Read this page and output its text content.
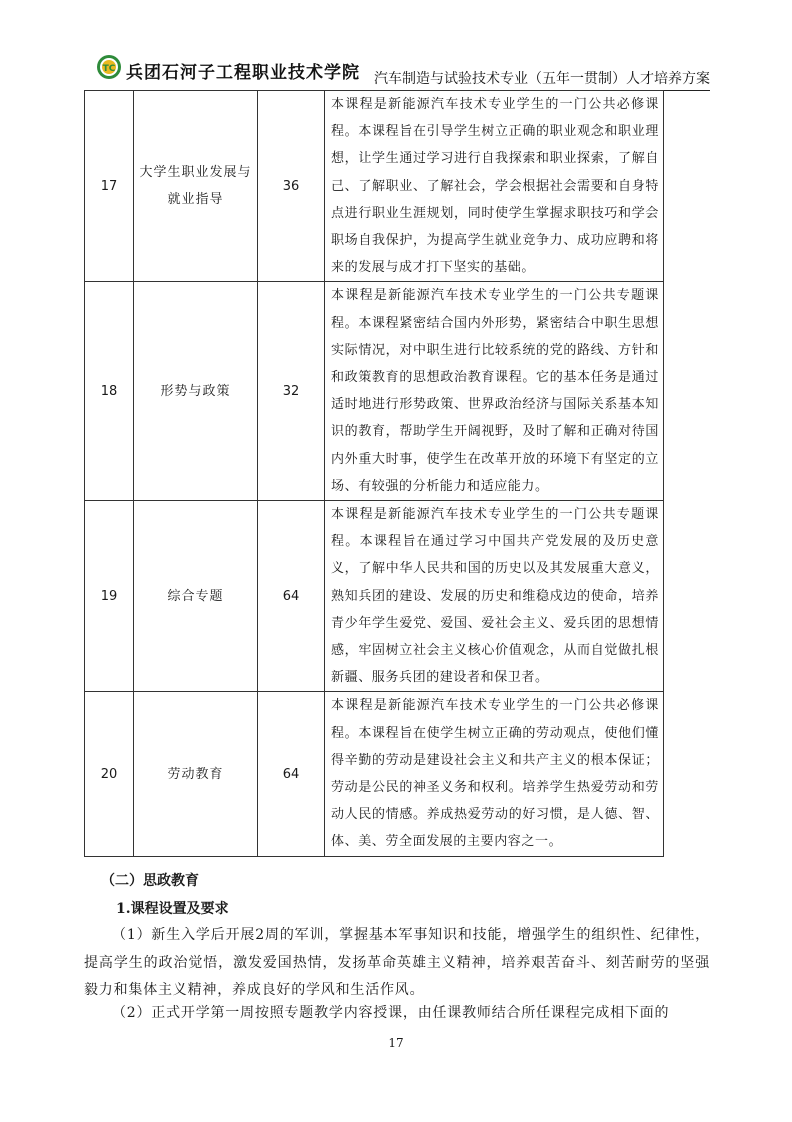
TC 兵团石河子工程职业技术学院 汽车制造与试验技术专业（五年一贯制）人才培养方案
17	大学生职业发展与就业指导	36	本课程是新能源汽车技术专业学生的一门公共必修课程。本课程旨在引导学生树立正确的职业观念和职业理想，让学生通过学习进行自我探索和职业探索，了解自己、了解职业、了解社会，学会根据社会需要和自身特点进行职业生涯规划，同时使学生掌握求职技巧和学会职场自我保护，为提高学生就业竞争力、成功应聘和将来的发展与成才打下坚实的基础。
18	形势与政策	32	本课程是新能源汽车技术专业学生的一门公共专题课程。本课程紧密结合国内外形势，紧密结合中职生思想实际情况，对中职生进行比较系统的党的路线、方针和和政策教育的思想政治教育课程。它的基本任务是通过适时地进行形势政策、世界政治经济与国际关系基本知识的教育，帮助学生开阔视野，及时了解和正确对待国内外重大时事，使学生在改革开放的环境下有坚定的立场、有较强的分析能力和适应能力。
19	综合专题	64	本课程是新能源汽车技术专业学生的一门公共专题课程。本课程旨在通过学习中国共产党发展的及历史意义，了解中华人民共和国的历史以及其发展重大意义，熟知兵团的建设、发展的历史和维稳戍边的使命，培养青少年学生爱党、爱国、爱社会主义、爱兵团的思想情感，牢固树立社会主义核心价值观念，从而自觉做扎根新疆、服务兵团的建设者和保卫者。
20	劳动教育	64	本课程是新能源汽车技术专业学生的一门公共必修课程。本课程旨在使学生树立正确的劳动观点，使他们懂得辛勤的劳动是建设社会主义和共产主义的根本保证；劳动是公民的神圣义务和权利。培养学生热爱劳动和劳动人民的情感。养成热爱劳动的好习惯，是人德、智、体、美、劳全面发展的主要内容之一。
（二）思政教育
1.课程设置及要求

（1）新生入学后开展2周的军训，掌握基本军事知识和技能，增强学生的组织性、纪律性，提高学生的政治觉悟，激发爱国热情，发扬革命英雄主义精神，培养艰苦奋斗、刻苦耐劳的坚强毅力和集体主义精神，养成良好的学风和生活作风。

（2）正式开学第一周按照专题教学内容授课，由任课教师结合所任课程完成相下面的

17
